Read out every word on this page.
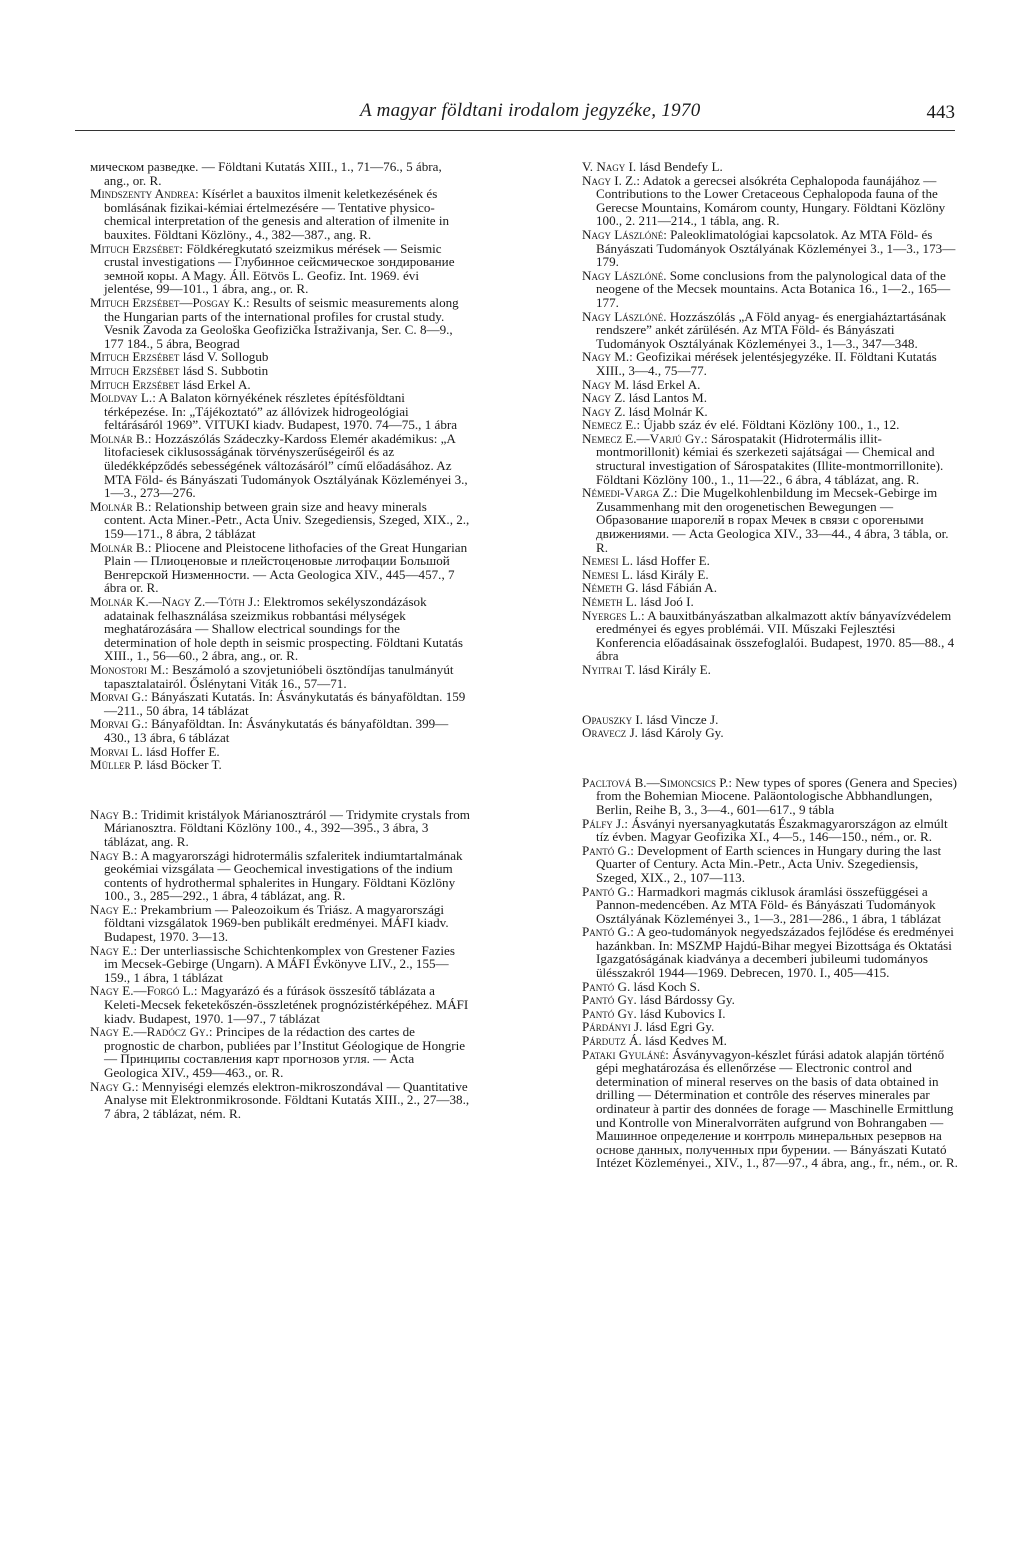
A magyar földtani irodalom jegyzéke, 1970	443

мическом разведке. — Földtani Kutatás XIII., 1., 71—76., 5 ábra, ang., or. R.

Mindszenty Andrea: Kísérlet a bauxitos ilmenit keletkezésének és bomlásának fizikai-kémiai értelmezésére — Tentative physico-chemical interpretation of the genesis and alteration of ilmenite in bauxites. Földtani Közlöny., 4., 382—387., ang. R.

Mituch Erzsébet: Földkéregkutató szeizmikus mérések — Seismic crustal investigations — Глубинное сейсмическое зондирование земной коры. A Magy. Áll. Eötvös L. Geofiz. Int. 1969. évi jelentése, 99—101., 1 ábra, ang., or. R.

Mituch Erzsébet—Posgay K.: Results of seismic measurements along the Hungarian parts of the international profiles for crustal study. Vesnik Zavoda za Geološka Geofizička Istraživanja, Ser. C. 8—9., 177 184., 5 ábra, Beograd

Mituch Erzsébet lásd V. Sollogub

Mituch Erzsébet lásd S. Subbotin

Mituch Erzsébet lásd Erkel A.

Moldvay L.: A Balaton környékének részletes építésföldtani térképezése. In: „Tájékoztató” az állóvizek hidrogeológiai feltárásáról 1969”. VITUKI kiadv. Budapest, 1970. 74—75., 1 ábra

Molnár B.: Hozzászólás Szádeczky-Kardoss Elemér akadémikus: „A litofaciesek ciklusosságának törvényszerűségeiről és az üledékképződés sebességének változásáról” című előadásához. Az MTA Föld- és Bányászati Tudományok Osztályának Közleményei 3., 1—3., 273—276.

Molnár B.: Relationship between grain size and heavy minerals content. Acta Miner.-Petr., Acta Univ. Szegediensis, Szeged, XIX., 2., 159—171., 8 ábra, 2 táblázat

Molnár B.: Pliocene and Pleistocene lithofacies of the Great Hungarian Plain — Плиоценовые и плейстоценовые литофации Большой Венгерской Низменности. — Acta Geologica XIV., 445—457., 7 ábra or. R.

Molnár K.—Nagy Z.—Tóth J.: Elektromos sekélyszondázások adatainak felhasználása szeizmikus robbantási mélységek meghatározására — Shallow electrical soundings for the determination of hole depth in seismic prospecting. Földtani Kutatás XIII., 1., 56—60., 2 ábra, ang., or. R.

Monostori M.: Beszámoló a szovjetunióbeli ösztöndíjas tanulmányút tapasztalatairól. Őslénytani Viták 16., 57—71.

Morvai G.: Bányászati Kutatás. In: Ásványkutatás és bányaföldtan. 159—211., 50 ábra, 14 táblázat

Morvai G.: Bányaföldtan. In: Ásványkutatás és bányaföldtan. 399—430., 13 ábra, 6 táblázat

Morvai L. lásd Hoffer E.

Müller P. lásd Böcker T.

Nagy B.: Tridimit kristályok Márianosztráról — Tridymite crystals from Márianosztra. Földtani Közlöny 100., 4., 392—395., 3 ábra, 3 táblázat, ang. R.

Nagy B.: A magyarországi hidrotermális szfaleritek indiumtartalmának geokémiai vizsgálata — Geochemical investigations of the indium contents of hydrothermal sphalerites in Hungary. Földtani Közlöny 100., 3., 285—292., 1 ábra, 4 táblázat, ang. R.

Nagy E.: Prekambrium — Paleozoikum és Triász. A magyarországi földtani vizsgálatok 1969-ben publikált eredményei. MÁFI kiadv. Budapest, 1970. 3—13.

Nagy E.: Der unterliassische Schichtenkomplex von Grestener Fazies im Mecsek-Gebirge (Ungarn). A MÁFI Évkönyve LIV., 2., 155—159., 1 ábra, 1 táblázat

Nagy E.—Forgó L.: Magyarázó és a fúrások összesítő táblázata a Keleti-Mecsek feketekőszén-összletének prognózistérképéhez. MÁFI kiadv. Budapest, 1970. 1—97., 7 táblázat

Nagy E.—Radócz Gy.: Principes de la rédaction des cartes de prognostic de charbon, publiées par l’Institut Géologique de Hongrie — Принципы составления карт прогнозов угля. — Acta Geologica XIV., 459—463., or. R.

Nagy G.: Mennyiségi elemzés elektron-mikroszondával — Quantitative Analyse mit Elektronmikrosonde. Földtani Kutatás XIII., 2., 27—38., 7 ábra, 2 táblázat, ném. R.

V. Nagy I. lásd Bendefy L.

Nagy I. Z.: Adatok a gerecsei alsókréta Cephalopoda faunájához — Contributions to the Lower Cretaceous Cephalopoda fauna of the Gerecse Mountains, Komárom county, Hungary. Földtani Közlöny 100., 2. 211—214., 1 tábla, ang. R.

Nagy Lászlóné: Paleoklimatológiai kapcsolatok. Az MTA Föld- és Bányászati Tudományok Osztályának Közleményei 3., 1—3., 173—179.

Nagy Lászlóné. Some conclusions from the palynological data of the neogene of the Mecsek mountains. Acta Botanica 16., 1—2., 165—177.

Nagy Lászlóné. Hozzászólás „A Föld anyag- és energiaháztartásának rendszere” ankét zárülésén. Az MTA Föld- és Bányászati Tudományok Osztályának Közleményei 3., 1—3., 347—348.

Nagy M.: Geofizikai mérések jelentésjegyzéke. II. Földtani Kutatás XIII., 3—4., 75—77.

Nagy M. lásd Erkel A.

Nagy Z. lásd Lantos M.

Nagy Z. lásd Molnár K.

Nemecz E.: Újabb száz év elé. Földtani Közlöny 100., 1., 12.

Nemecz E.—Varjú Gy.: Sárospatakit (Hidrotermális illit-montmorillonit) kémiai és szerkezeti sajátságai — Chemical and structural investigation of Sárospatakites (Illite-montmorrillonite). Földtani Közlöny 100., 1., 11—22., 6 ábra, 4 táblázat, ang. R.

Némedi-Varga Z.: Die Mugelkohlenbildung im Mecsek-Gebirge im Zusammenhang mit den orogenetischen Bewegungen — Образование шарогелй в горах Мечек в связи с орогеными движениями. — Acta Geologica XIV., 33—44., 4 ábra, 3 tábla, or. R.

Nemesi L. lásd Hoffer E.

Nemesi L. lásd Király E.

Németh G. lásd Fábián A.

Németh L. lásd Joó I.

Nyerges L.: A bauxitbányászatban alkalmazott aktív bányavízvédelem eredményei és egyes problémái. VII. Műszaki Fejlesztési Konferencia előadásainak összefoglalói. Budapest, 1970. 85—88., 4 ábra

Nyitrai T. lásd Király E.

Opauszky I. lásd Vincze J.

Oravecz J. lásd Károly Gy.

Pacltová B.—Simoncsics P.: New types of spores (Genera and Species) from the Bohemian Miocene. Paläontologische Abbhandlungen, Berlin, Reihe B, 3., 3—4., 601—617., 9 tábla

Pálfy J.: Ásványi nyersanyagkutatás Északmagyarországon az elmúlt tíz évben. Magyar Geofizika XI., 4—5., 146—150., ném., or. R.

Pantó G.: Development of Earth sciences in Hungary during the last Quarter of Century. Acta Min.-Petr., Acta Univ. Szegediensis, Szeged, XIX., 2., 107—113.

Pantó G.: Harmadkori magmás ciklusok áramlási összefüggései a Pannon-medencében. Az MTA Föld- és Bányászati Tudományok Osztályának Közleményei 3., 1—3., 281—286., 1 ábra, 1 táblázat

Pantó G.: A geo-tudományok negyedszázados fejlődése és eredményei hazánkban. In: MSZMP Hajdú-Bihar megyei Bizottsága és Oktatási Igazgatóságának kiadványa a decemberi jubileumi tudományos ülésszakról 1944—1969. Debrecen, 1970. I., 405—415.

Pantó G. lásd Koch S.

Pantó Gy. lásd Bárdossy Gy.

Pantó Gy. lásd Kubovics I.

Párdányi J. lásd Egri Gy.

Párdutz Á. lásd Kedves M.

Pataki Gyuláné: Ásványvagyon-készlet fúrási adatok alapján történő gépi meghatározása és ellenőrzése — Electronic control and determination of mineral reserves on the basis of data obtained in drilling — Détermination et contrôle des réserves minerales par ordinateur à partir des données de forage — Maschinelle Ermittlung und Kontrolle von Mineralvorräten aufgrund von Bohrangaben — Машинное определение и контроль минеральных резервов на основе данных, полученных при бурении. — Bányászati Kutató Intézet Közleményei., XIV., 1., 87—97., 4 ábra, ang., fr., ném., or. R.
